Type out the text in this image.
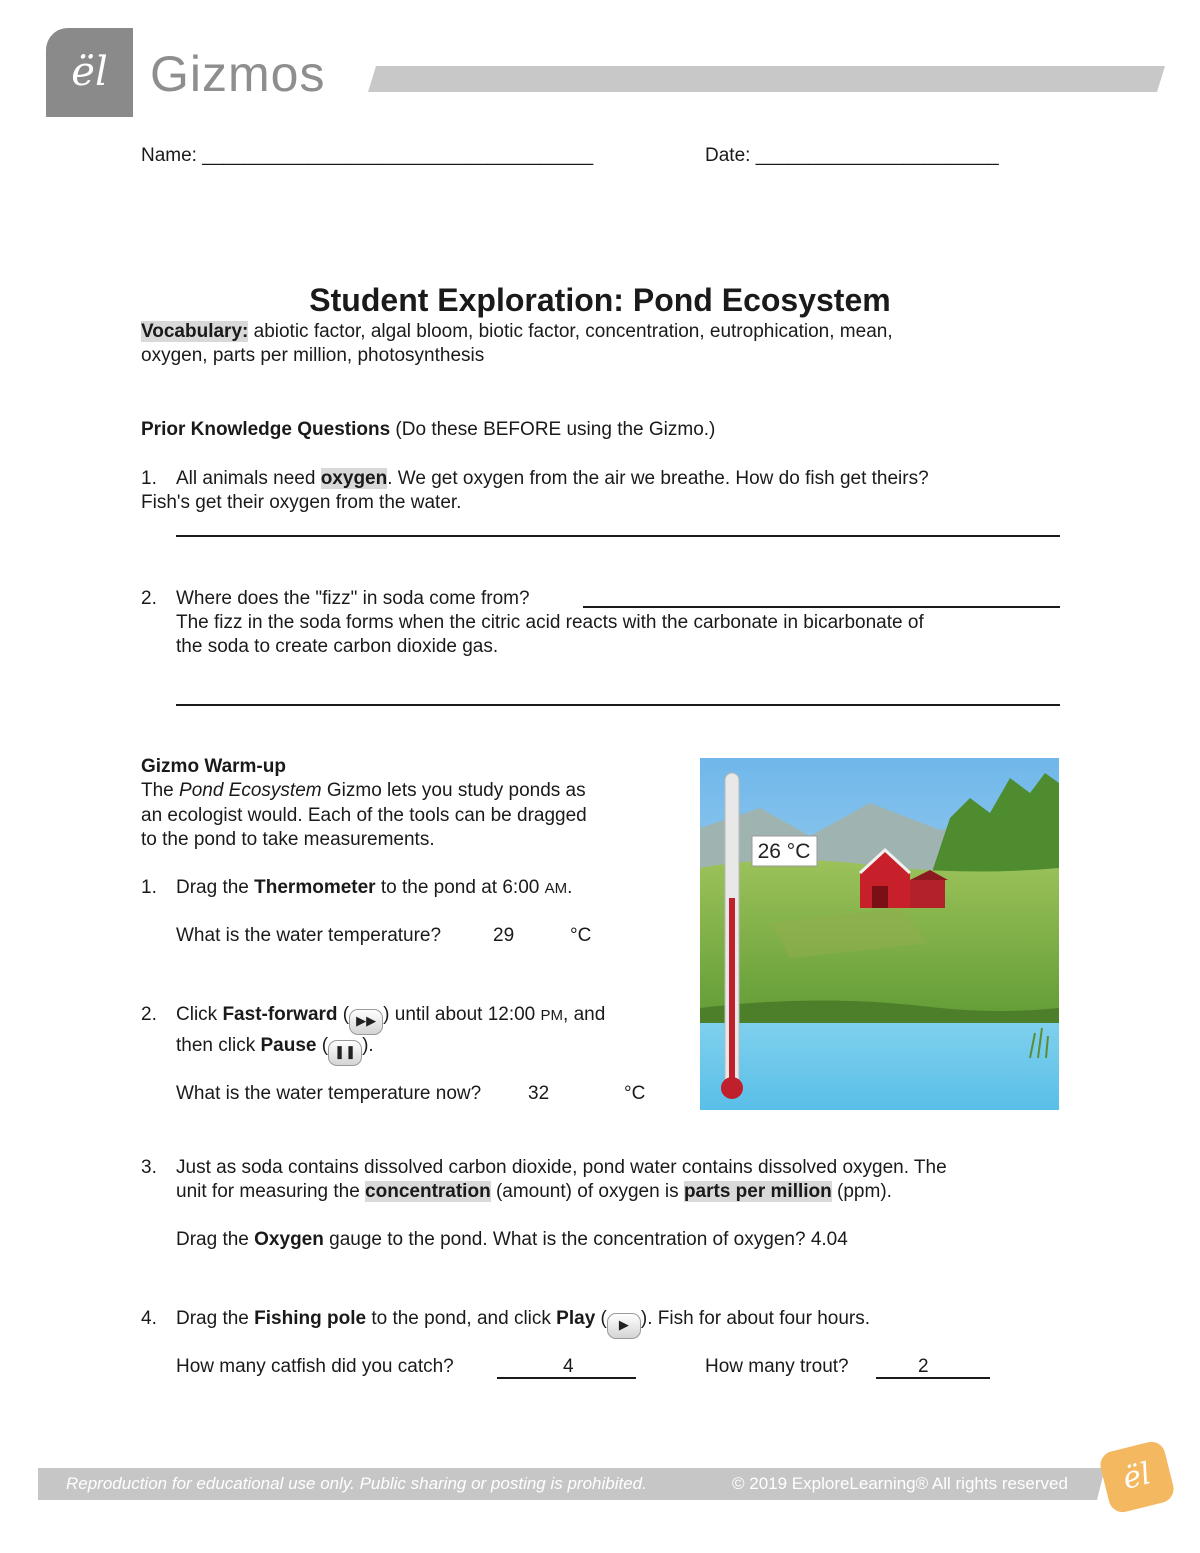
ël Gizmos
Name: _____________________________________	Date: _______________________
Student Exploration: Pond Ecosystem
Vocabulary: abiotic factor, algal bloom, biotic factor, concentration, eutrophication, mean,
oxygen, parts per million, photosynthesis
Prior Knowledge Questions (Do these BEFORE using the Gizmo.)
1. All animals need oxygen. We get oxygen from the air we breathe. How do fish get theirs?
Fish's get their oxygen from the water.
2. Where does the "fizz" in soda come from?
The fizz in the soda forms when the citric acid reacts with the carbonate in bicarbonate of
the soda to create carbon dioxide gas.
Gizmo Warm-up
The Pond Ecosystem Gizmo lets you study ponds as
an ecologist would. Each of the tools can be dragged
to the pond to take measurements.
1. Drag the Thermometer to the pond at 6:00 AM.
What is the water temperature?	29	°C
2. Click Fast-forward ( ▶▶ ) until about 12:00 PM, and
then click Pause ( ❚❚ ).
What is the water temperature now? 32	°C
26 °C
3. Just as soda contains dissolved carbon dioxide, pond water contains dissolved oxygen. The
unit for measuring the concentration (amount) of oxygen is parts per million (ppm).
Drag the Oxygen gauge to the pond. What is the concentration of oxygen? 4.04
4. Drag the Fishing pole to the pond, and click Play ( ▶ ). Fish for about four hours.
How many catfish did you catch?	4	How many trout?	2
Reproduction for educational use only. Public sharing or posting is prohibited.	© 2019 ExploreLearning® All rights reserved	ël
